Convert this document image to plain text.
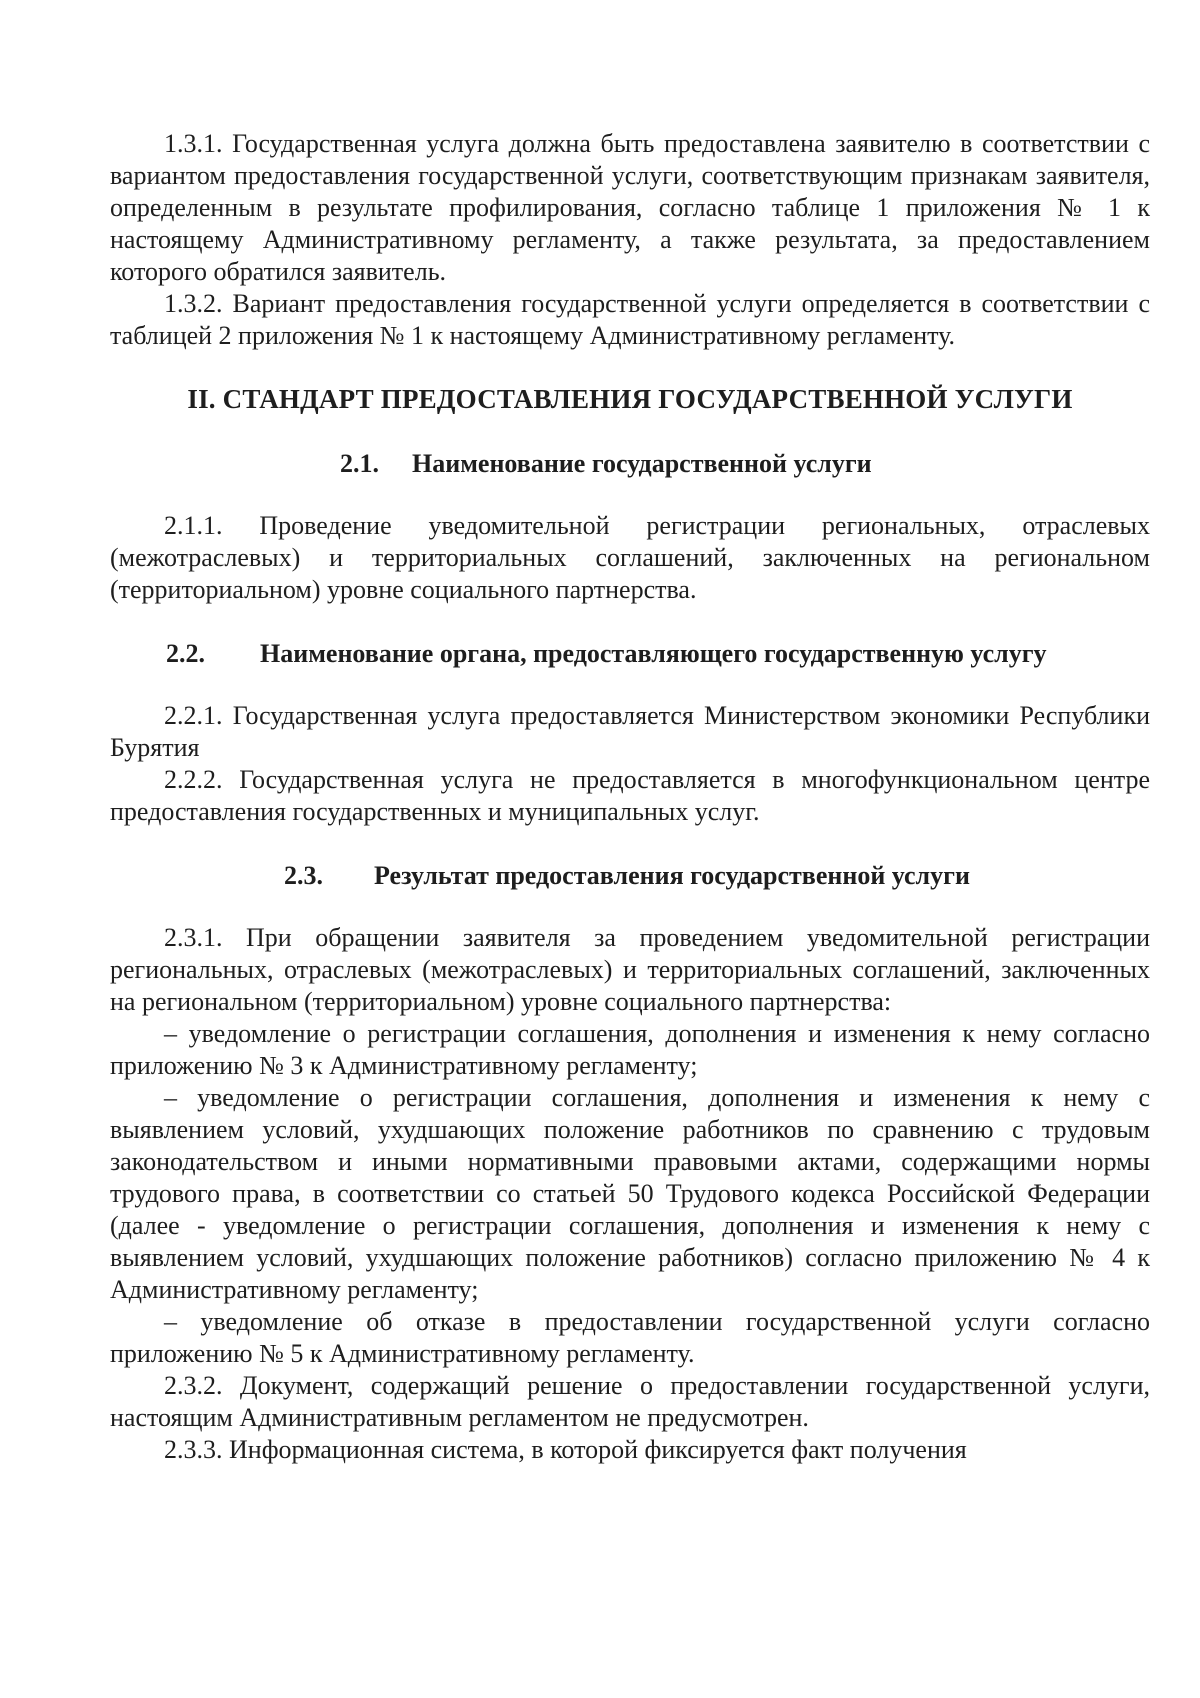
1.3.1. Государственная услуга должна быть предоставлена заявителю в соответствии с вариантом предоставления государственной услуги, соответствующим признакам заявителя, определенным в результате профилирования, согласно таблице 1 приложения № 1 к настоящему Административному регламенту, а также результата, за предоставлением которого обратился заявитель.

1.3.2. Вариант предоставления государственной услуги определяется в соответствии с таблицей 2 приложения № 1 к настоящему Административному регламенту.

II. СТАНДАРТ ПРЕДОСТАВЛЕНИЯ ГОСУДАРСТВЕННОЙ УСЛУГИ
2.1. Наименование государственной услуги

2.1.1. Проведение уведомительной регистрации региональных, отраслевых (межотраслевых) и территориальных соглашений, заключенных на региональном (территориальном) уровне социального партнерства.

2.2. Наименование органа, предоставляющего государственную услугу

2.2.1. Государственная услуга предоставляется Министерством экономики Республики Бурятия

2.2.2. Государственная услуга не предоставляется в многофункциональном центре предоставления государственных и муниципальных услуг.

2.3. Результат предоставления государственной услуги

2.3.1. При обращении заявителя за проведением уведомительной регистрации региональных, отраслевых (межотраслевых) и территориальных соглашений, заключенных на региональном (территориальном) уровне социального партнерства:

– уведомление о регистрации соглашения, дополнения и изменения к нему согласно приложению № 3 к Административному регламенту;

– уведомление о регистрации соглашения, дополнения и изменения к нему с выявлением условий, ухудшающих положение работников по сравнению с трудовым законодательством и иными нормативными правовыми актами, содержащими нормы трудового права, в соответствии со статьей 50 Трудового кодекса Российской Федерации (далее - уведомление о регистрации соглашения, дополнения и изменения к нему с выявлением условий, ухудшающих положение работников) согласно приложению № 4 к Административному регламенту;

– уведомление об отказе в предоставлении государственной услуги согласно приложению № 5 к Административному регламенту.

2.3.2. Документ, содержащий решение о предоставлении государственной услуги, настоящим Административным регламентом не предусмотрен.

2.3.3. Информационная система, в которой фиксируется факт получения
